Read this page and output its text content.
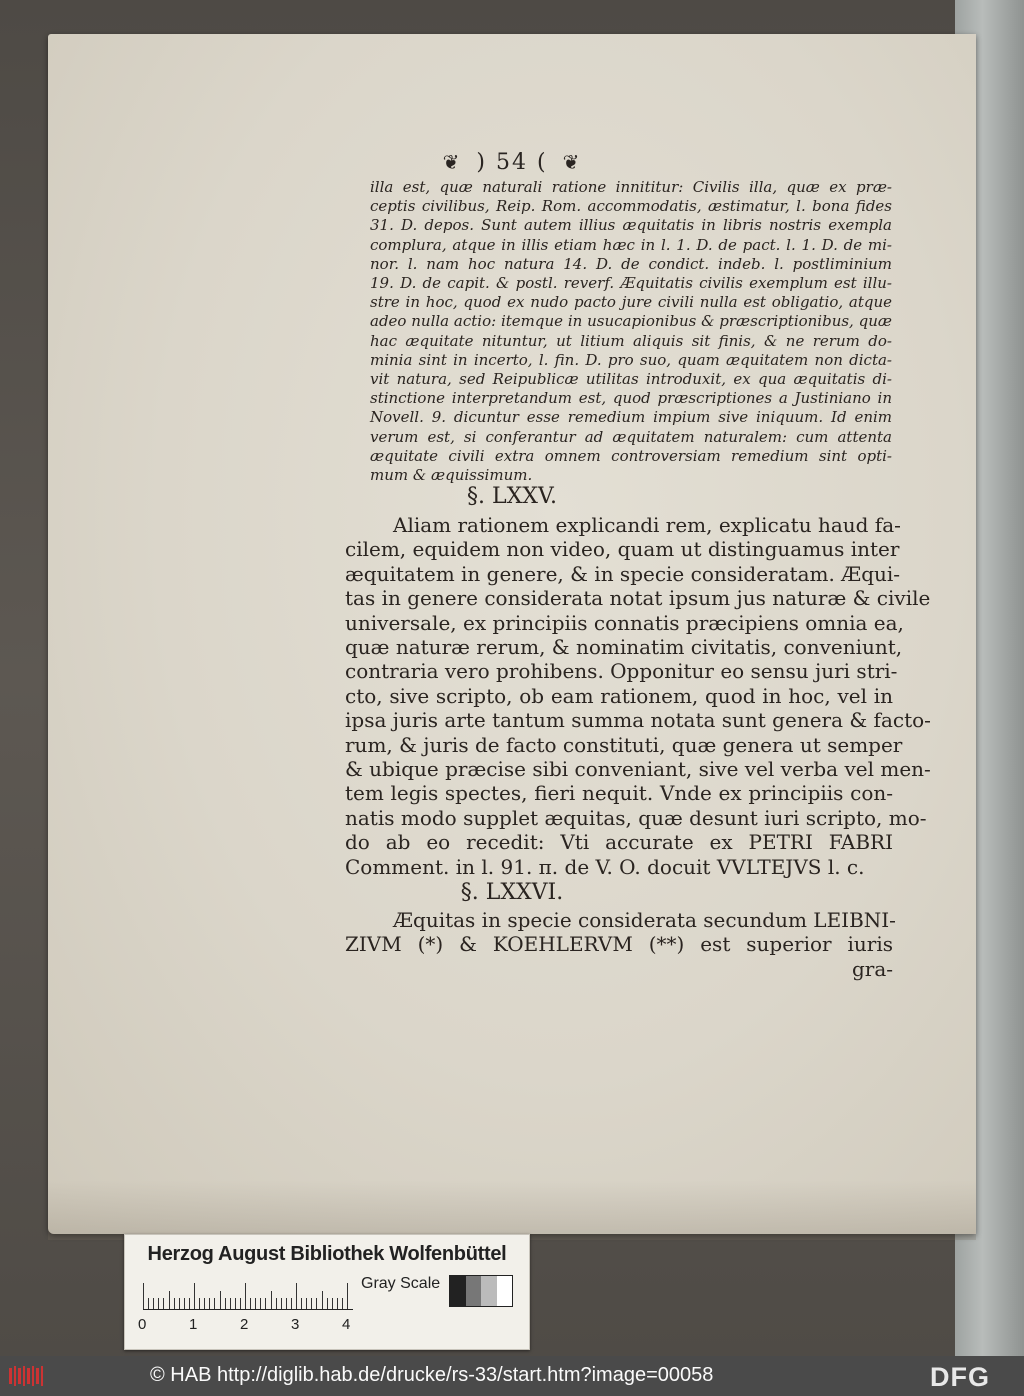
❦ ) 54 ( ❦
illa est, quæ naturali ratione innititur: Civilis illa, quæ ex præ-
ceptis civilibus, Reip. Rom. accommodatis, æstimatur, l. bona fides
31. D. depos. Sunt autem illius æquitatis in libris nostris exempla
complura, atque in illis etiam hæc in l. 1. D. de pact. l. 1. D. de mi-
nor. l. nam hoc natura 14. D. de condict. indeb. l. postliminium
19. D. de capit. & postl. reverf. Æquitatis civilis exemplum est illu-
stre in hoc, quod ex nudo pacto jure civili nulla est obligatio, atque
adeo nulla actio: itemque in usucapionibus & præscriptionibus, quæ
hac æquitate nituntur, ut litium aliquis sit finis, & ne rerum do-
minia sint in incerto, l. fin. D. pro suo, quam æquitatem non dicta-
vit natura, sed Reipublicæ utilitas introduxit, ex qua æquitatis di-
stinctione interpretandum est, quod præscriptiones a Justiniano in
Novell. 9. dicuntur esse remedium impium sive iniquum. Id enim
verum est, si conferantur ad æquitatem naturalem: cum attenta
æquitate civili extra omnem controversiam remedium sint opti-
mum & æquissimum.
§. LXXV.
Aliam rationem explicandi rem, explicatu haud fa-
cilem, equidem non video, quam ut distinguamus inter
æquitatem in genere, & in specie consideratam. Æqui-
tas in genere considerata notat ipsum jus naturæ & civile
universale, ex principiis connatis præcipiens omnia ea,
quæ naturæ rerum, & nominatim civitatis, conveniunt,
contraria vero prohibens. Opponitur eo sensu juri stri-
cto, sive scripto, ob eam rationem, quod in hoc, vel in
ipsa juris arte tantum summa notata sunt genera & facto-
rum, & juris de facto constituti, quæ genera ut semper
& ubique præcise sibi conveniant, sive vel verba vel men-
tem legis spectes, fieri nequit. Vnde ex principiis con-
natis modo supplet æquitas, quæ desunt iuri scripto, mo-
do ab eo recedit: Vti accurate ex PETRI FABRI
Comment. in l. 91. π. de V. O. docuit VVLTEJVS l. c.
§. LXXVI.
Æquitas in specie considerata secundum LEIBNI-
ZIVM (*) & KOEHLERVM (**) est superior iuris
gra-
Herzog August Bibliothek Wolfenbüttel
Gray Scale
0	1	2	3	4
© HAB http://diglib.hab.de/drucke/rs-33/start.htm?image=00058	DFG
